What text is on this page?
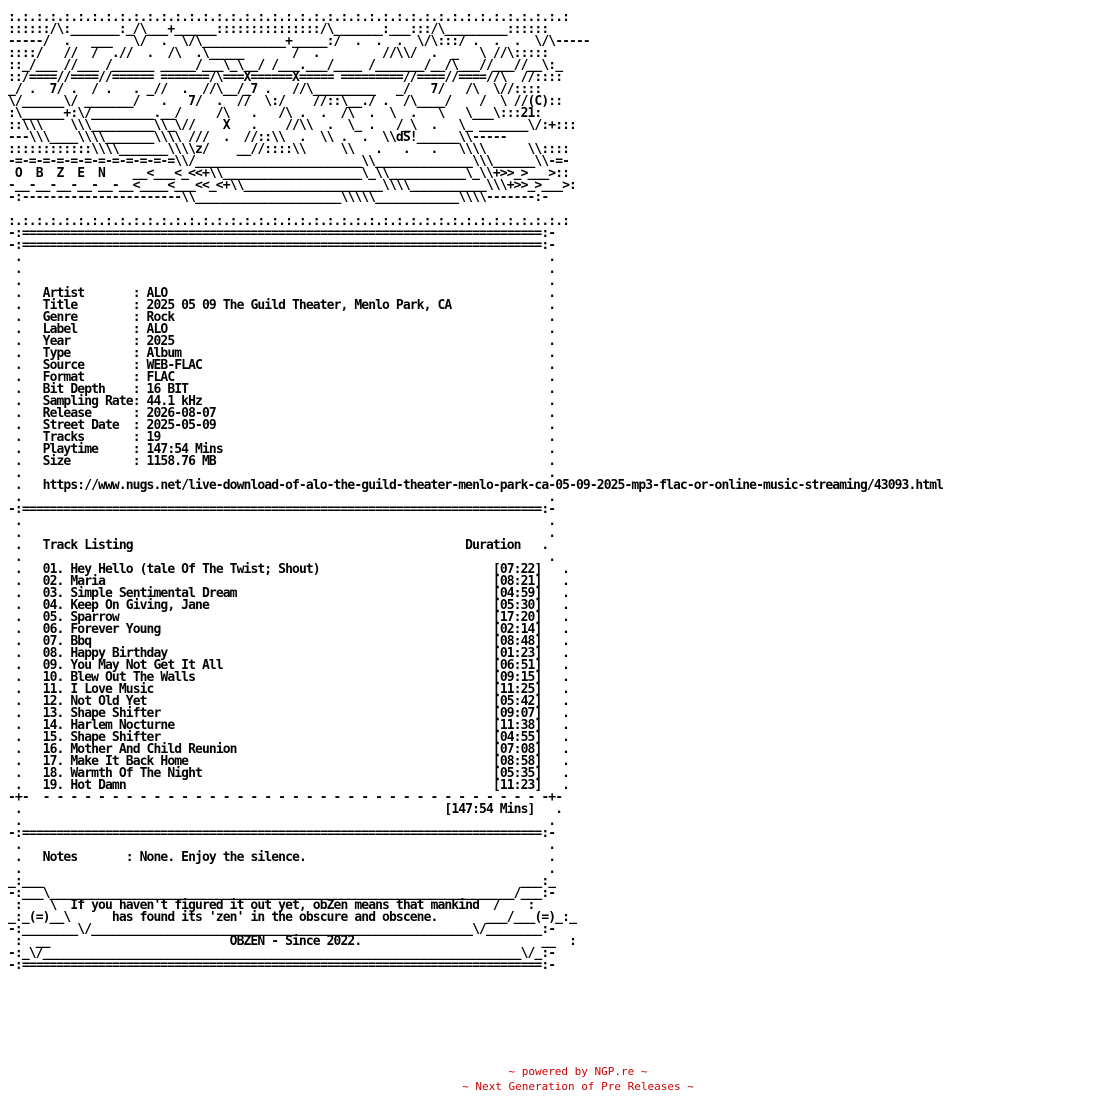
:.:.:.:.:.:.:.:.:.:.:.:.:.:.:.:.:.:.:.:.:.:.:.:.:.:.:.:.:.:.:.:.:.:.:.:.:.:.:.:.:
::::::/\:_______:_/\___+______:::::::::::::::/\_______:___:::/\_________::::::
-----/  .   ___   \/  .  \/\____________+_____:/  .  .  .  \/\:::/ .  .  .  \/\-----
::::/   //  /  .//  .  /\  .\_____       /  .         //\\/  .  _   \ //\:::::
::_/___ //___ /______ _____/___\_\__/ /___.___/____ /_______/__/\___//___//__\:_
::/====//====//====== =======/\===X======X===== =========//====//====//\  //::::
_/ .  7/ .  / .   . _//  .  //\__/_7 .   //\_________   _/   7/   /\  \//::::
\/______\/ _______/   .   7/  .  //  \:/    //::\__./ .  /\____/    /  \ //(C)::
:\______+:\/_________.__/     /\   .   /\ .  .  /\  .  \  .   \   \___\:::21:
::\\\    \\\_________\\_\//    X   .    //\\  .  \_ .   /_\  .   \_ _______\/:+:::
---\\\____\\\\_______\\\\ ///  .  //::\\  .  \\ .  .  \\dS!______\\-----
::::::::::::\\\\_______\\\\z/    __//::::\\     \\   .   .   .   \\\\      \\::::
-=-=-=-=-=-=-=-=-=-=-=-=\\/________________________\\______________\\\______\\-=-
O  B  Z  E  N    __<___<_<<+\\____________________\_\\___________\_\\+>>_>___>::
-__-__-__-__-__-__<____<___<<_<+\\____________________\\\\___________\\\+>>_>___>:
-:-----------------------\\_____________________\\\\\____________\\\\-------:-

:.:.:.:.:.:.:.:.:.:.:.:.:.:.:.:.:.:.:.:.:.:.:.:.:.:.:.:.:.:.:.:.:.:.:.:.:.:.:.:.:
-:===========================================================================:-
-:===========================================================================:-
.                                                                            .
.                                                                            .
.                                                                            .
.   Artist       : ALO	.
.   Title        : 2025 05 09 The Guild Theater, Menlo Park, CA	.
.   Genre        : Rock	.
.   Label        : ALO	.
.   Year         : 2025	.
.   Type         : Album	.
.   Source       : WEB-FLAC	.
.   Format       : FLAC	.
.   Bit Depth    : 16 BIT	.
.   Sampling Rate: 44.1 kHz	.
.   Release      : 2026-08-07	.
.   Street Date  : 2025-05-09	.
.   Tracks       : 19	.
.   Playtime     : 147:54 Mins	.
.   Size         : 1158.76 MB	.
.                                                                            .
.   https://www.nugs.net/live-download-of-alo-the-guild-theater-menlo-park-ca-05-09-2025-mp3-flac-or-online-music-streaming/43093.html
.                                                                            .
-:===========================================================================:-
.                                                                            .
.                                                                            .
.   Track Listing	Duration   .
.                                                                            .
.   01. Hey Hello (tale Of The Twist; Shout)                         [07:22]   .
.   02. Maria                                                        [08:21]   .
.   03. Simple Sentimental Dream                                     [04:59]   .
.   04. Keep On Giving, Jane                                         [05:30]   .
.   05. Sparrow                                                      [17:20]   .
.   06. Forever Young                                                [02:14]   .
.   07. Bbq                                                          [08:48]   .
.   08. Happy Birthday                                               [01:23]   .
.   09. You May Not Get It All                                       [06:51]   .
.   10. Blew Out The Walls                                           [09:15]   .
.   11. I Love Music                                                 [11:25]   .
.   12. Not Old Yet                                                  [05:42]   .
.   13. Shape Shifter                                                [09:07]   .
.   14. Harlem Nocturne                                              [11:38]   .
.   15. Shape Shifter                                                [04:55]   .
.   16. Mother And Child Reunion                                     [07:08]   .
.   17. Make It Back Home                                            [08:58]   .
.   18. Warmth Of The Night                                          [05:35]   .
.   19. Hot Damn                                                     [11:23]   .
-+-  - - - - - - - - - - - - - - - - - - - - - - - - - - - - - - - - - - - - -+-
.                                                             [147:54 Mins]   .
.                                                                            .
-:===========================================================================:-
.                                                                            .
.   Notes       : None. Enjoy the silence.	.
.                                                                            .
_:___                                                                     ___:_
-:___\___________________________________________________________________/___:-
:    \  If you haven't figured it out yet, obZen means that mankind  /    :
_:_(=)__\      has found its 'zen' in the obscure and obscene.	___/___(=)_:_
-:________\/_______________________________________________________\/________:-
:  __                          OBZEN - Since 2022.	__  :
-:_\/_____________________________________________________________________\/_:-
-:===========================================================================:-
~ powered by NGP.re ~
~ Next Generation of Pre Releases ~
